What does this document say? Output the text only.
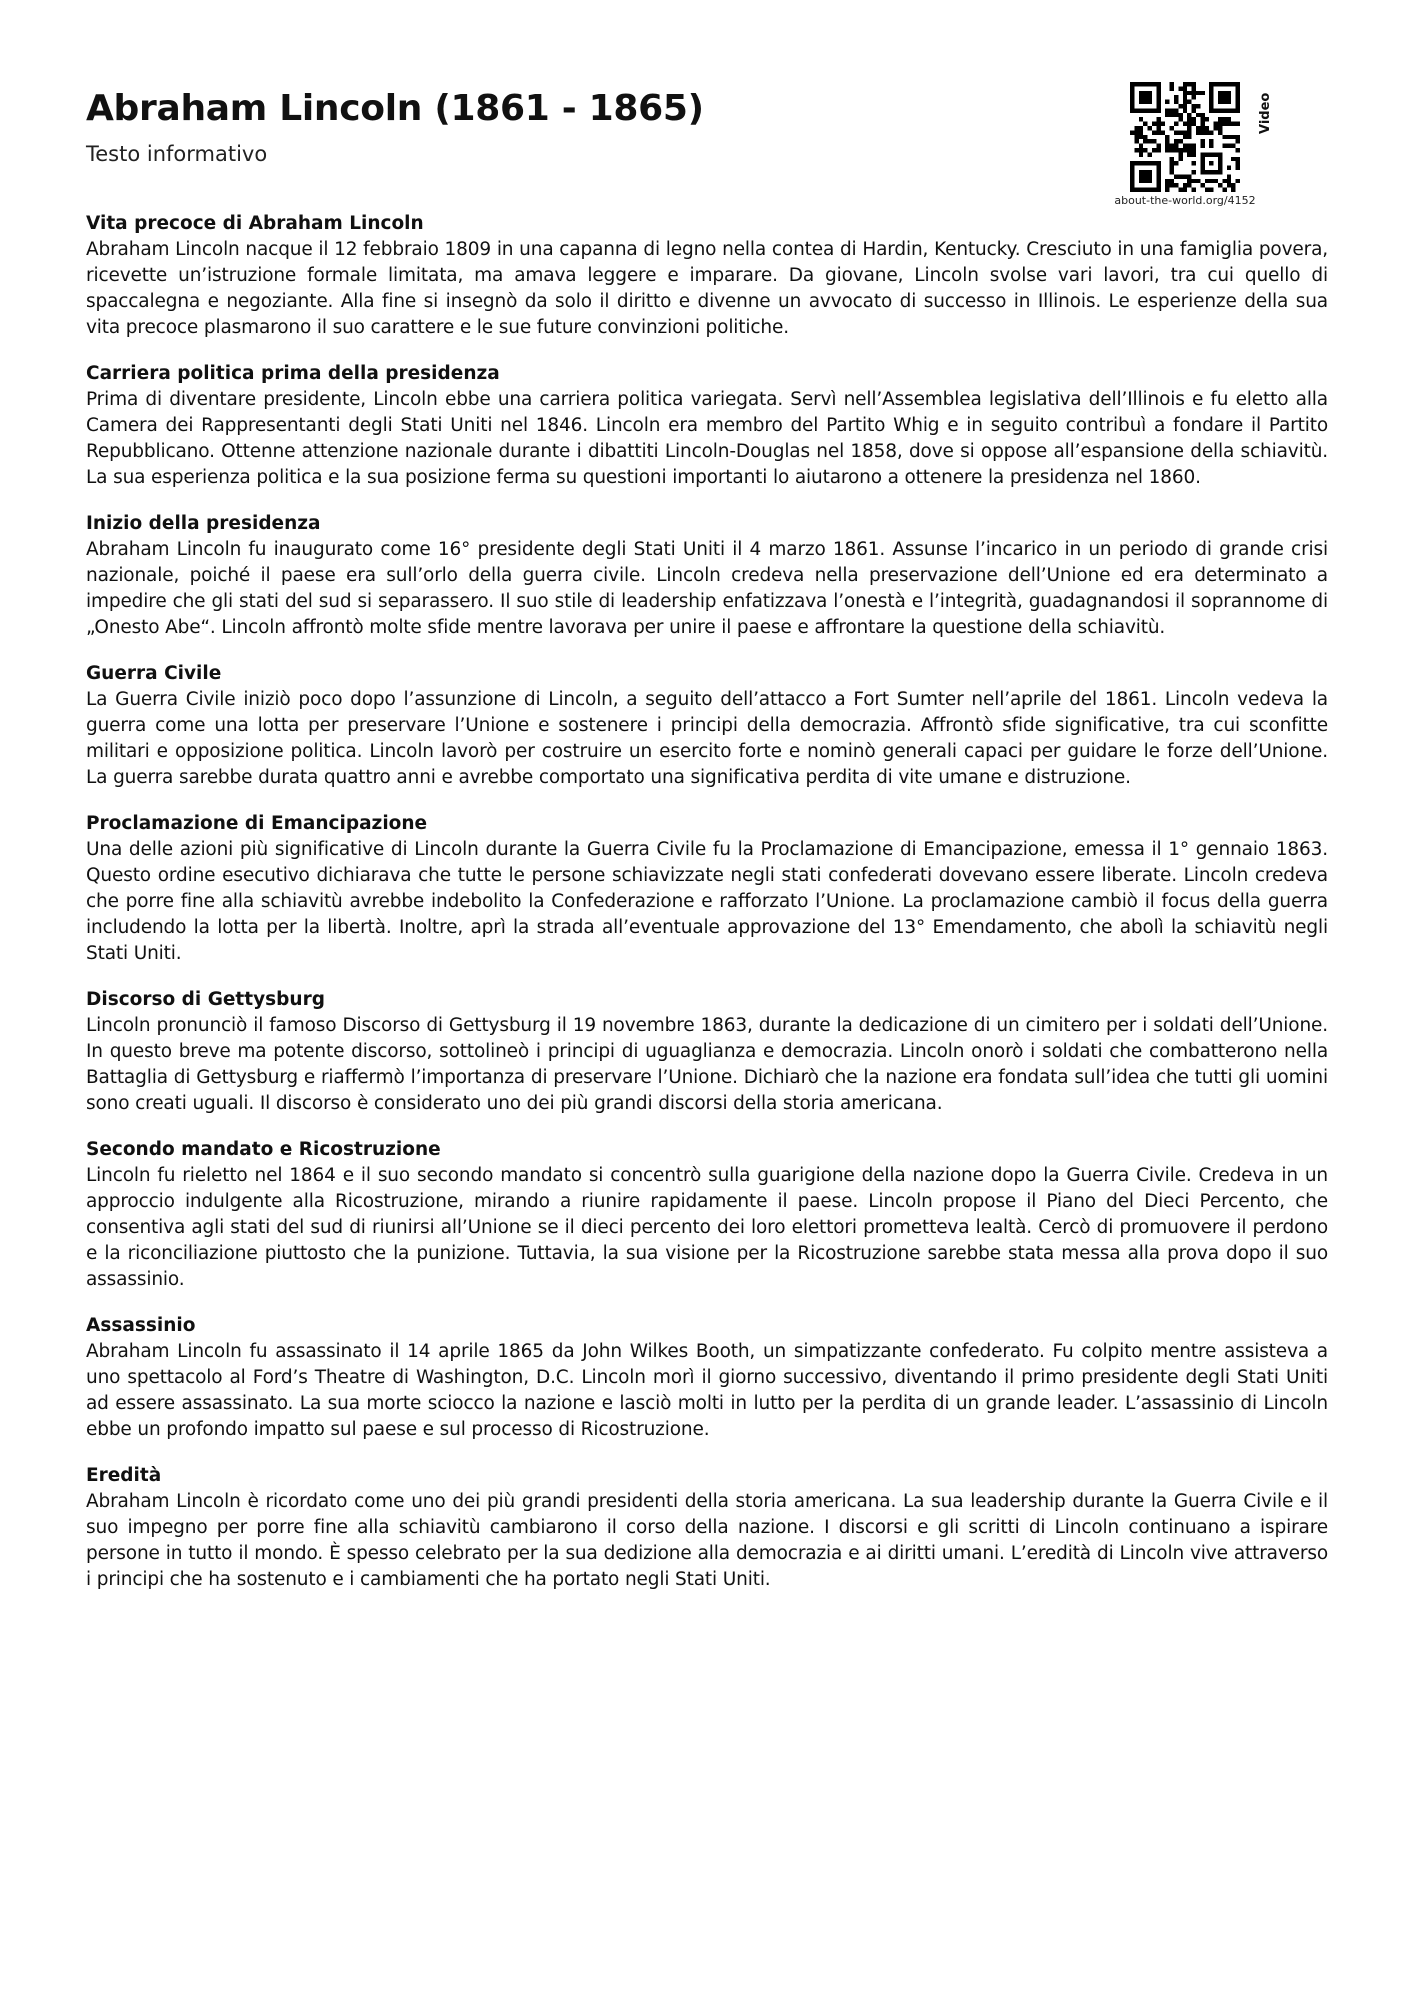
Abraham Lincoln (1861 - 1865)
Testo informativo
about-the-world.org/4152
Video
Vita precoce di Abraham Lincoln

Abraham Lincoln nacque il 12 febbraio 1809 in una capanna di legno nella contea di Hardin, Kentucky. Cresciuto in una famiglia povera, ricevette un’istruzione formale limitata, ma amava leggere e imparare. Da giovane, Lincoln svolse vari lavori, tra cui quello di spaccalegna e negoziante. Alla fine si insegnò da solo il diritto e divenne un avvocato di successo in Illinois. Le esperienze della sua vita precoce plasmarono il suo carattere e le sue future convinzioni politiche.

Carriera politica prima della presidenza

Prima di diventare presidente, Lincoln ebbe una carriera politica variegata. Servì nell’Assemblea legislativa dell’Illinois e fu eletto alla Camera dei Rappresentanti degli Stati Uniti nel 1846. Lincoln era membro del Partito Whig e in seguito contribuì a fondare il Partito Repubblicano. Ottenne attenzione nazionale durante i dibattiti Lincoln-Douglas nel 1858, dove si oppose all’espansione della schiavitù. La sua esperienza politica e la sua posizione ferma su questioni importanti lo aiutarono a ottenere la presidenza nel 1860.

Inizio della presidenza

Abraham Lincoln fu inaugurato come 16° presidente degli Stati Uniti il 4 marzo 1861. Assunse l’incarico in un periodo di grande crisi nazionale, poiché il paese era sull’orlo della guerra civile. Lincoln credeva nella preservazione dell’Unione ed era determinato a impedire che gli stati del sud si separassero. Il suo stile di leadership enfatizzava l’onestà e l’integrità, guadagnandosi il soprannome di „Onesto Abe“. Lincoln affrontò molte sfide mentre lavorava per unire il paese e affrontare la questione della schiavitù.

Guerra Civile

La Guerra Civile iniziò poco dopo l’assunzione di Lincoln, a seguito dell’attacco a Fort Sumter nell’aprile del 1861. Lincoln vedeva la guerra come una lotta per preservare l’Unione e sostenere i principi della democrazia. Affrontò sfide significative, tra cui sconfitte militari e opposizione politica. Lincoln lavorò per costruire un esercito forte e nominò generali capaci per guidare le forze dell’Unione. La guerra sarebbe durata quattro anni e avrebbe comportato una significativa perdita di vite umane e distruzione.

Proclamazione di Emancipazione

Una delle azioni più significative di Lincoln durante la Guerra Civile fu la Proclamazione di Emancipazione, emessa il 1° gennaio 1863. Questo ordine esecutivo dichiarava che tutte le persone schiavizzate negli stati confederati dovevano essere liberate. Lincoln credeva che porre fine alla schiavitù avrebbe indebolito la Confederazione e rafforzato l’Unione. La proclamazione cambiò il focus della guerra includendo la lotta per la libertà. Inoltre, aprì la strada all’eventuale approvazione del 13° Emendamento, che abolì la schiavitù negli Stati Uniti.

Discorso di Gettysburg

Lincoln pronunciò il famoso Discorso di Gettysburg il 19 novembre 1863, durante la dedicazione di un cimitero per i soldati dell’Unione. In questo breve ma potente discorso, sottolineò i principi di uguaglianza e democrazia. Lincoln onorò i soldati che combatterono nella Battaglia di Gettysburg e riaffermò l’importanza di preservare l’Unione. Dichiarò che la nazione era fondata sull’idea che tutti gli uomini sono creati uguali. Il discorso è considerato uno dei più grandi discorsi della storia americana.

Secondo mandato e Ricostruzione

Lincoln fu rieletto nel 1864 e il suo secondo mandato si concentrò sulla guarigione della nazione dopo la Guerra Civile. Credeva in un approccio indulgente alla Ricostruzione, mirando a riunire rapidamente il paese. Lincoln propose il Piano del Dieci Percento, che consentiva agli stati del sud di riunirsi all’Unione se il dieci percento dei loro elettori prometteva lealtà. Cercò di promuovere il perdono e la riconciliazione piuttosto che la punizione. Tuttavia, la sua visione per la Ricostruzione sarebbe stata messa alla prova dopo il suo assassinio.

Assassinio

Abraham Lincoln fu assassinato il 14 aprile 1865 da John Wilkes Booth, un simpatizzante confederato. Fu colpito mentre assisteva a uno spettacolo al Ford’s Theatre di Washington, D.C. Lincoln morì il giorno successivo, diventando il primo presidente degli Stati Uniti ad essere assassinato. La sua morte sciocco la nazione e lasciò molti in lutto per la perdita di un grande leader. L’assassinio di Lincoln ebbe un profondo impatto sul paese e sul processo di Ricostruzione.

Eredità

Abraham Lincoln è ricordato come uno dei più grandi presidenti della storia americana. La sua leadership durante la Guerra Civile e il suo impegno per porre fine alla schiavitù cambiarono il corso della nazione. I discorsi e gli scritti di Lincoln continuano a ispirare persone in tutto il mondo. È spesso celebrato per la sua dedizione alla democrazia e ai diritti umani. L’eredità di Lincoln vive attraverso i principi che ha sostenuto e i cambiamenti che ha portato negli Stati Uniti.
